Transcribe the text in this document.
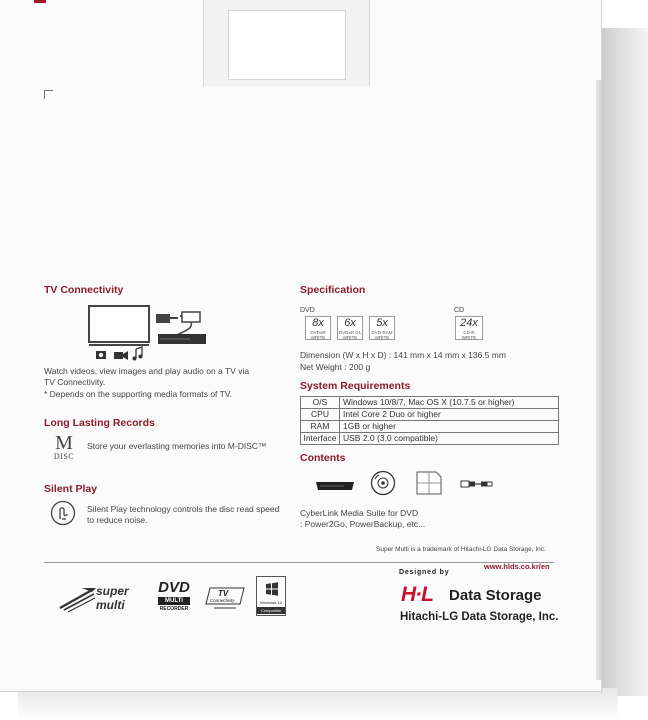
TV Connectivity
Watch videos, view images and play audio on a TV via
TV Connectivity.
* Depends on the supporting media formats of TV.
Long Lasting Records
M
DISC
Store your everlasting memories into M-DISC™
Silent Play
Silent Play technology controls the disc read speed
to reduce noise.
Specification
DVD	CD
8x
DVD±R
WRITE
6x
DVD±R DL
WRITE
5x
DVD-RAM
WRITE
24x
CD-R
WRITE
Dimension (W x H x D) : 141 mm x 14 mm x 136.5 mm
Net Weight : 200 g
System Requirements
O/S	Windows 10/8/7, Mac OS X (10.7.5 or higher)
CPU	Intel Core 2 Duo or higher
RAM	1GB or higher
Interface	USB 2.0 (3.0 compatible)
Contents
CyberLink Media Suite for DVD
: Power2Go, PowerBackup, etc...
Super Multi is a trademark of Hitachi-LG Data Storage, Inc.
www.hlds.co.kr/en
super
multi
DVD
MULTI
RECORDER
TV
Connectivity	Windows 10
Compatible
Designed by
H·L Data Storage
Hitachi-LG Data Storage, Inc.
